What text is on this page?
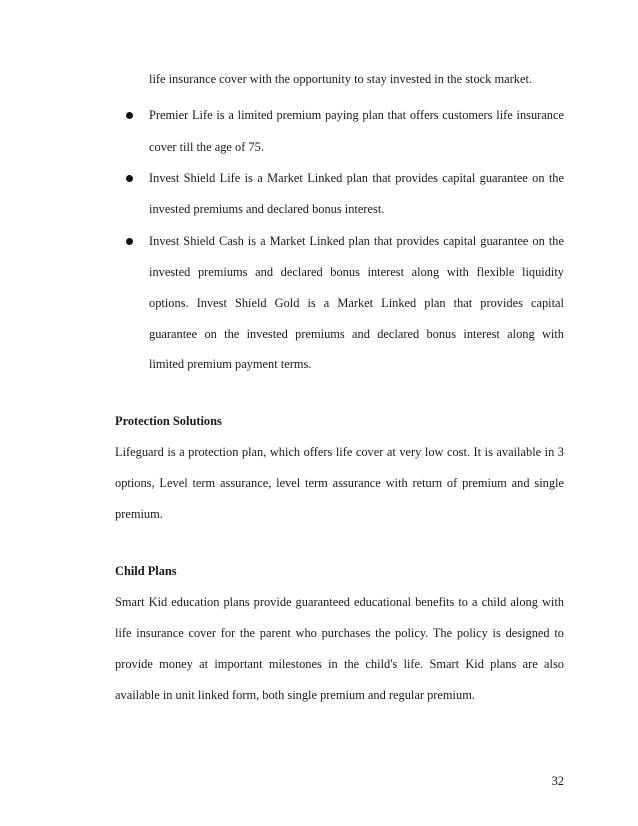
life insurance cover with the opportunity to stay invested in the stock market.
Premier Life is a limited premium paying plan that offers customers life insurance
cover till the age of 75.
Invest Shield Life is a Market Linked plan that provides capital guarantee on the
invested premiums and declared bonus interest.
Invest Shield Cash is a Market Linked plan that provides capital guarantee on the
invested premiums and declared bonus interest along with flexible liquidity
options. Invest Shield Gold is a Market Linked plan that provides capital
guarantee on the invested premiums and declared bonus interest along with
limited premium payment terms.
Protection Solutions
Lifeguard is a protection plan, which offers life cover at very low cost. It is available in 3
options, Level term assurance, level term assurance with return of premium and single
premium.
Child Plans
Smart Kid education plans provide guaranteed educational benefits to a child along with
life insurance cover for the parent who purchases the policy. The policy is designed to
provide money at important milestones in the child's life. Smart Kid plans are also
available in unit linked form, both single premium and regular premium.
32
